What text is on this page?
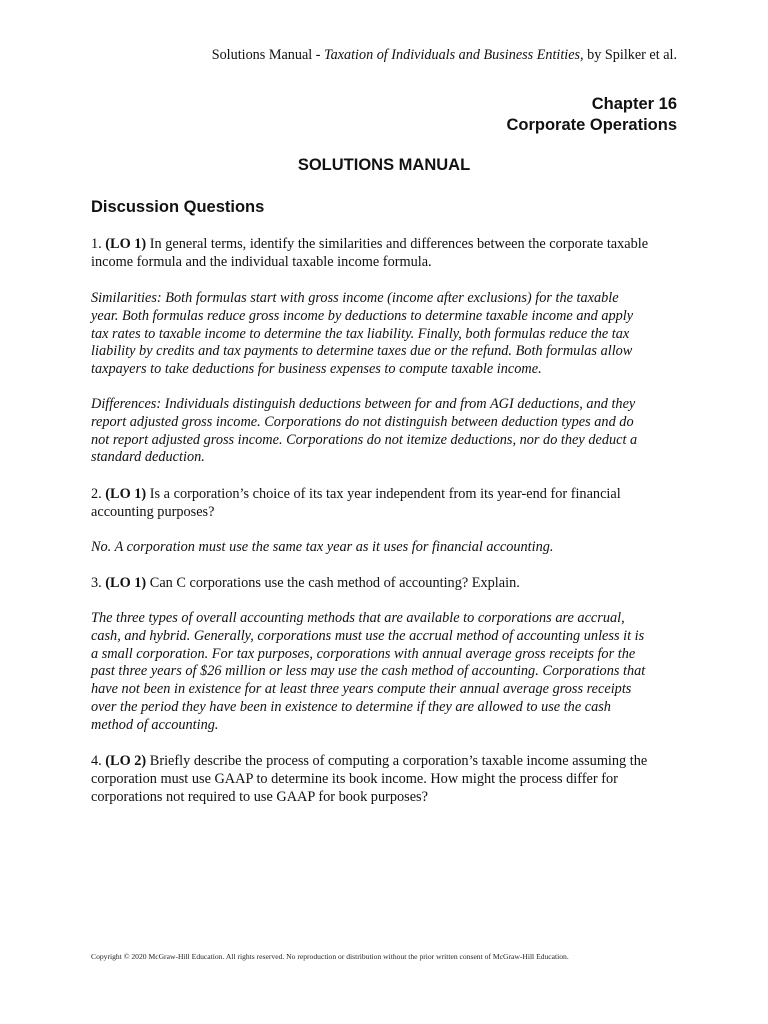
Solutions Manual - Taxation of Individuals and Business Entities, by Spilker et al.
Chapter 16
Corporate Operations
SOLUTIONS MANUAL
Discussion Questions
1. (LO 1) In general terms, identify the similarities and differences between the corporate taxable
income formula and the individual taxable income formula.
Similarities: Both formulas start with gross income (income after exclusions) for the taxable
year. Both formulas reduce gross income by deductions to determine taxable income and apply
tax rates to taxable income to determine the tax liability. Finally, both formulas reduce the tax
liability by credits and tax payments to determine taxes due or the refund. Both formulas allow
taxpayers to take deductions for business expenses to compute taxable income.
Differences: Individuals distinguish deductions between for and from AGI deductions, and they
report adjusted gross income. Corporations do not distinguish between deduction types and do
not report adjusted gross income. Corporations do not itemize deductions, nor do they deduct a
standard deduction.
2. (LO 1) Is a corporation’s choice of its tax year independent from its year-end for financial
accounting purposes?
No. A corporation must use the same tax year as it uses for financial accounting.
3. (LO 1) Can C corporations use the cash method of accounting? Explain.
The three types of overall accounting methods that are available to corporations are accrual,
cash, and hybrid. Generally, corporations must use the accrual method of accounting unless it is
a small corporation. For tax purposes, corporations with annual average gross receipts for the
past three years of $26 million or less may use the cash method of accounting. Corporations that
have not been in existence for at least three years compute their annual average gross receipts
over the period they have been in existence to determine if they are allowed to use the cash
method of accounting.
4. (LO 2) Briefly describe the process of computing a corporation’s taxable income assuming the
corporation must use GAAP to determine its book income. How might the process differ for
corporations not required to use GAAP for book purposes?
Copyright © 2020 McGraw-Hill Education. All rights reserved. No reproduction or distribution without the prior written consent of McGraw-Hill Education.
